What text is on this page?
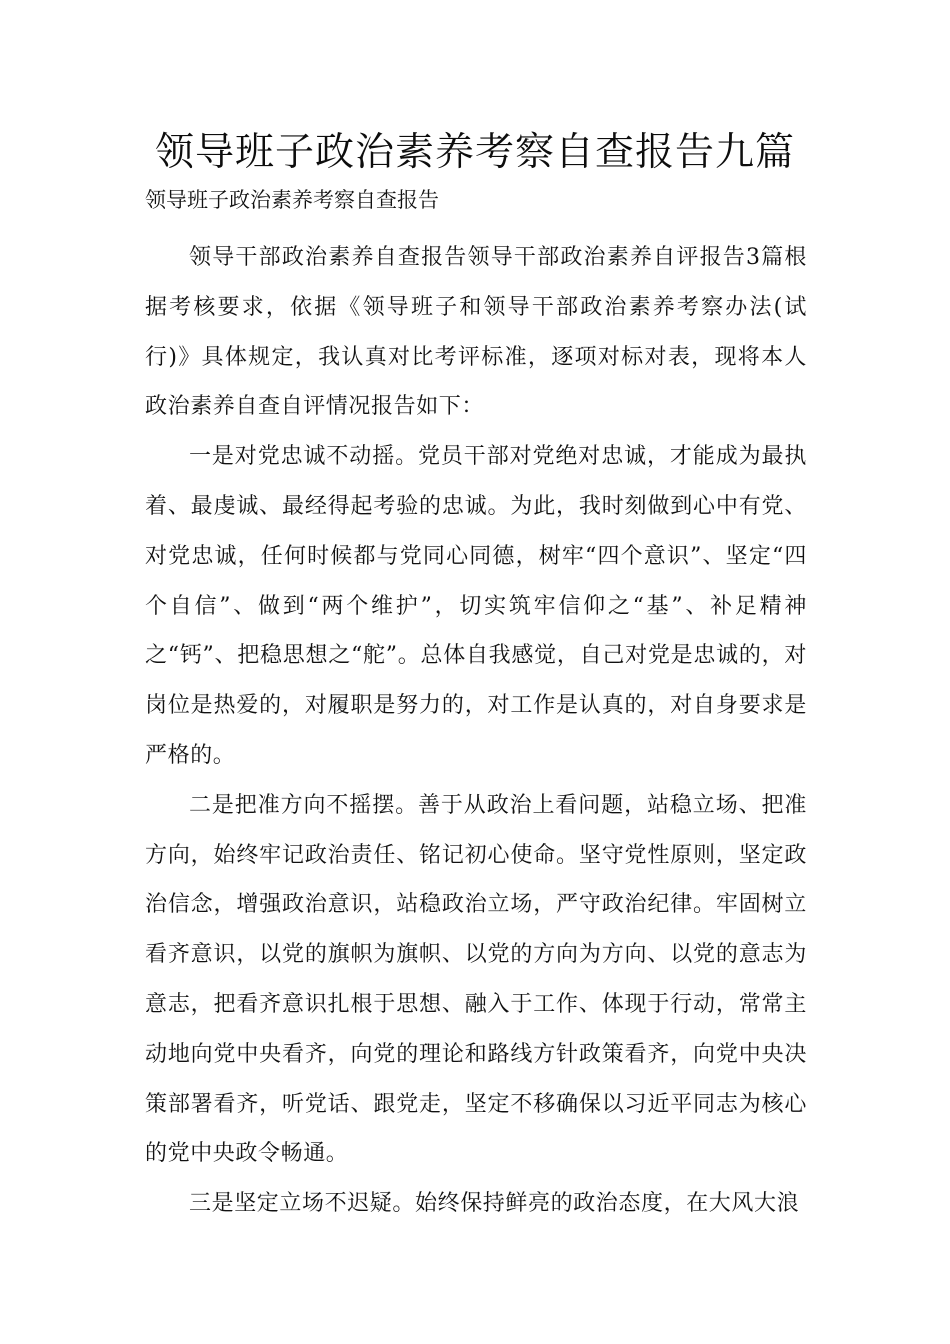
领导班子政治素养考察自查报告九篇

领导班子政治素养考察自查报告

领导干部政治素养自查报告领导干部政治素养自评报告3篇根据考核要求，依据《领导班子和领导干部政治素养考察办法(试行)》具体规定，我认真对比考评标准，逐项对标对表，现将本人政治素养自查自评情况报告如下：

一是对党忠诚不动摇。党员干部对党绝对忠诚，才能成为最执着、最虔诚、最经得起考验的忠诚。为此，我时刻做到心中有党、对党忠诚，任何时候都与党同心同德，树牢“四个意识”、坚定“四个自信”、做到“两个维护”，切实筑牢信仰之“基”、补足精神之“钙”、把稳思想之“舵”。总体自我感觉，自己对党是忠诚的，对岗位是热爱的，对履职是努力的，对工作是认真的，对自身要求是严格的。

二是把准方向不摇摆。善于从政治上看问题，站稳立场、把准方向，始终牢记政治责任、铭记初心使命。坚守党性原则，坚定政治信念，增强政治意识，站稳政治立场，严守政治纪律。牢固树立看齐意识，以党的旗帜为旗帜、以党的方向为方向、以党的意志为意志，把看齐意识扎根于思想、融入于工作、体现于行动，常常主动地向党中央看齐，向党的理论和路线方针政策看齐，向党中央决策部署看齐，听党话、跟党走，坚定不移确保以习近平同志为核心的党中央政令畅通。

三是坚定立场不迟疑。始终保持鲜亮的政治态度，在大风大浪
